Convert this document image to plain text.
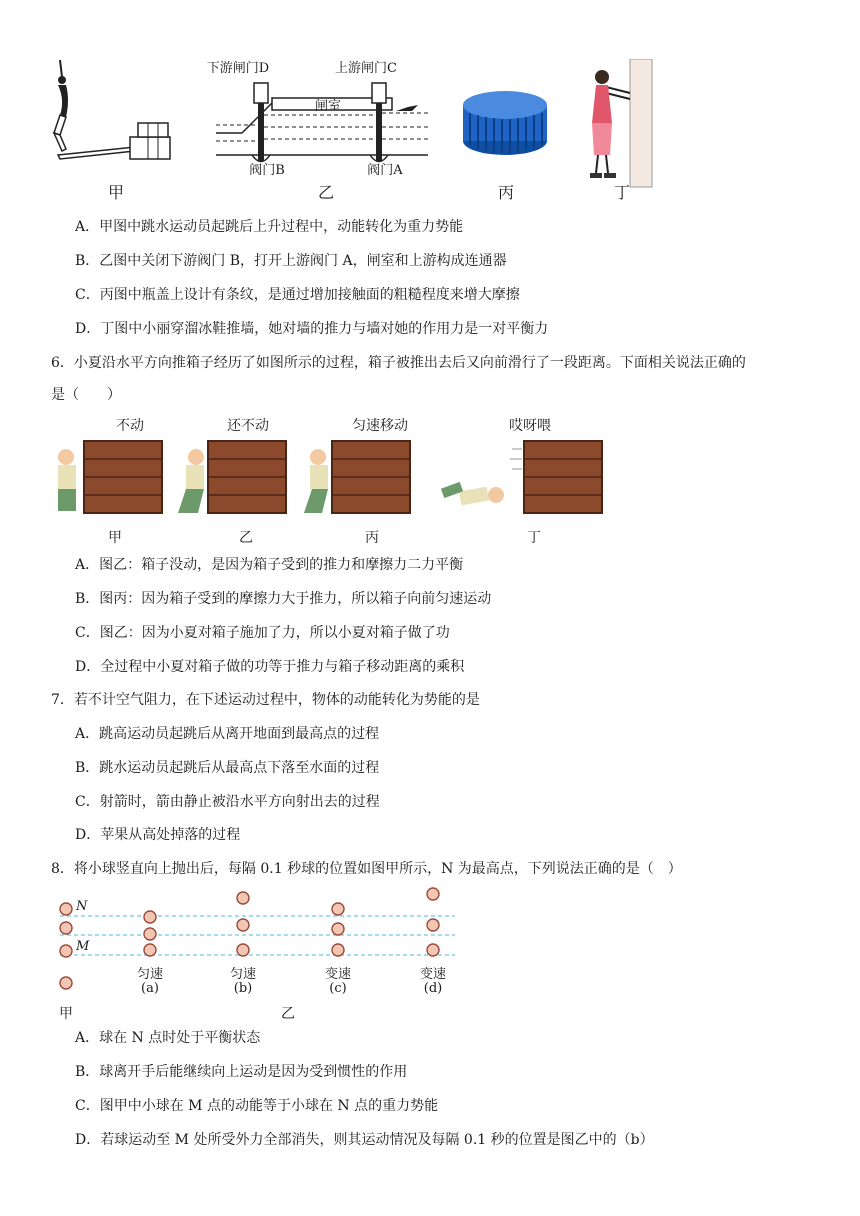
甲
下游闸门D	上游闸门C
闸室
阀门B	阀门A
乙	丙	丁
A．甲图中跳水运动员起跳后上升过程中，动能转化为重力势能
B．乙图中关闭下游阀门 B，打开上游阀门 A，闸室和上游构成连通器
C．丙图中瓶盖上设计有条纹，是通过增加接触面的粗糙程度来增大摩擦
D．丁图中小丽穿溜冰鞋推墙，她对墙的推力与墙对她的作用力是一对平衡力
6．小夏沿水平方向推箱子经历了如图所示的过程，箱子被推出去后又向前滑行了一段距离。下面相关说法正确的
是（　　）
不动	还不动	匀速移动	哎呀喂
甲	乙	丙	丁
A．图乙：箱子没动，是因为箱子受到的推力和摩擦力二力平衡
B．图丙：因为箱子受到的摩擦力大于推力，所以箱子向前匀速运动
C．图乙：因为小夏对箱子施加了力，所以小夏对箱子做了功
D．全过程中小夏对箱子做的功等于推力与箱子移动距离的乘积
7．若不计空气阻力，在下述运动过程中，物体的动能转化为势能的是
A．跳高运动员起跳后从离开地面到最高点的过程
B．跳水运动员起跳后从最高点下落至水面的过程
C．射箭时，箭由静止被沿水平方向射出去的过程
D．苹果从高处掉落的过程
8．将小球竖直向上抛出后，每隔 0.1 秒球的位置如图甲所示，N 为最高点，下列说法正确的是（　）
N
M
匀速	匀速	变速	变速
(a)	(b)	(c)	(d)
甲	乙
A．球在 N 点时处于平衡状态
B．球离开手后能继续向上运动是因为受到惯性的作用
C．图甲中小球在 M 点的动能等于小球在 N 点的重力势能
D．若球运动至 M 处所受外力全部消失，则其运动情况及每隔 0.1 秒的位置是图乙中的（b）
